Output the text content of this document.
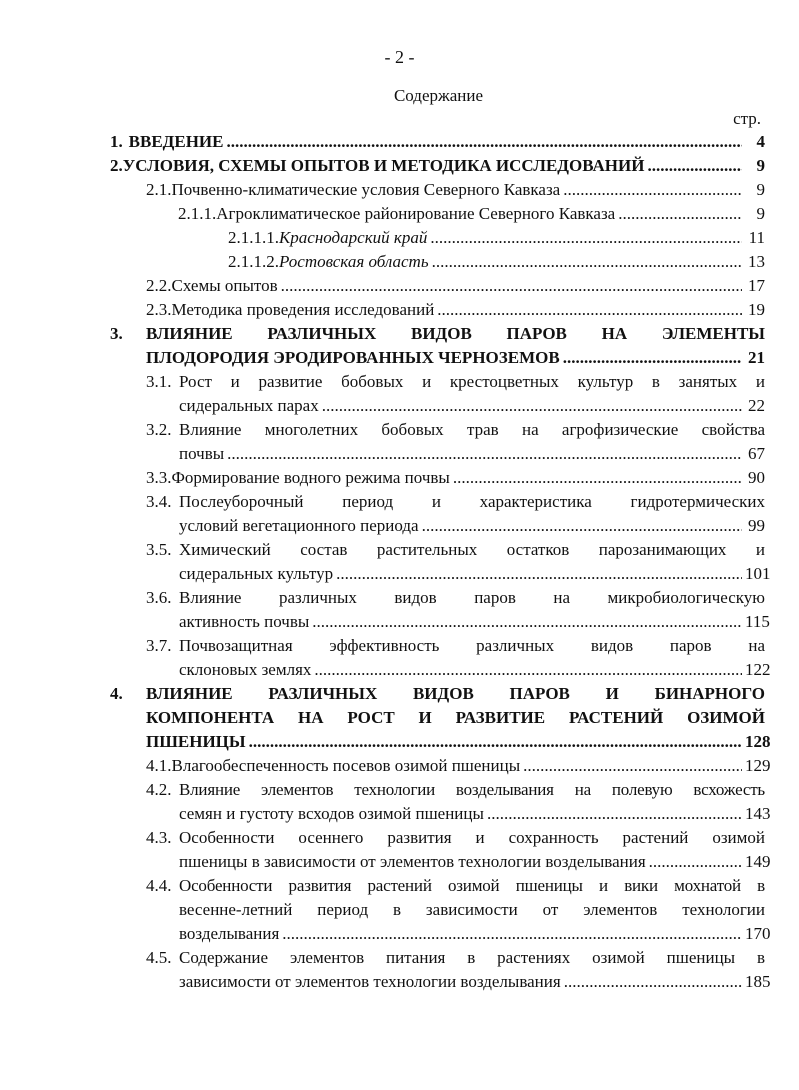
- 2 -
Содержание
стр.
1. ВВЕДЕНИЕ .....	4
2. УСЛОВИЯ, СХЕМЫ ОПЫТОВ И МЕТОДИКА ИССЛЕДОВАНИЙ .....	9
2.1. Почвенно-климатические условия Северного Кавказа .....	9
2.1.1. Агроклиматическое районирование Северного Кавказа .....	9
2.1.1.1. Краснодарский край .....	11
2.1.1.2. Ростовская область .....	13
2.2. Схемы опытов .....	17
2.3. Методика проведения исследований .....	19
3.	ВЛИЯНИЕ РАЗЛИЧНЫХ ВИДОВ ПАРОВ НА ЭЛЕМЕНТЫ
ПЛОДОРОДИЯ ЭРОДИРОВАННЫХ ЧЕРНОЗЕМОВ .....	21
3.1. Рост и развитие бобовых и крестоцветных культур в занятых и
сидеральных парах .....	22
3.2. Влияние многолетних бобовых трав на агрофизические свойства
почвы .....	67
3.3. Формирование водного режима почвы .....	90
3.4. Послеуборочный период и характеристика гидротермических
условий вегетационного периода .....	99
3.5. Химический состав растительных остатков парозанимающих и
сидеральных культур .....	101
3.6. Влияние различных видов паров на микробиологическую
активность почвы .....	115
3.7. Почвозащитная эффективность различных видов паров на
склоновых землях .....	122
4.	ВЛИЯНИЕ РАЗЛИЧНЫХ ВИДОВ ПАРОВ И БИНАРНОГО
КОМПОНЕНТА НА РОСТ И РАЗВИТИЕ РАСТЕНИЙ ОЗИМОЙ
ПШЕНИЦЫ .....	128
4.1. Влагообеспеченность посевов озимой пшеницы .....	129
4.2. Влияние элементов технологии возделывания на полевую всхожесть
семян и густоту всходов озимой пшеницы .....	143
4.3. Особенности осеннего развития и сохранность растений озимой
пшеницы в зависимости от элементов технологии возделывания .....	149
4.4. Особенности развития растений озимой пшеницы и вики мохнатой в
весенне-летний период в зависимости от элементов технологии
возделывания .....	170
4.5. Содержание элементов питания в растениях озимой пшеницы в
зависимости от элементов технологии возделывания .....	185
